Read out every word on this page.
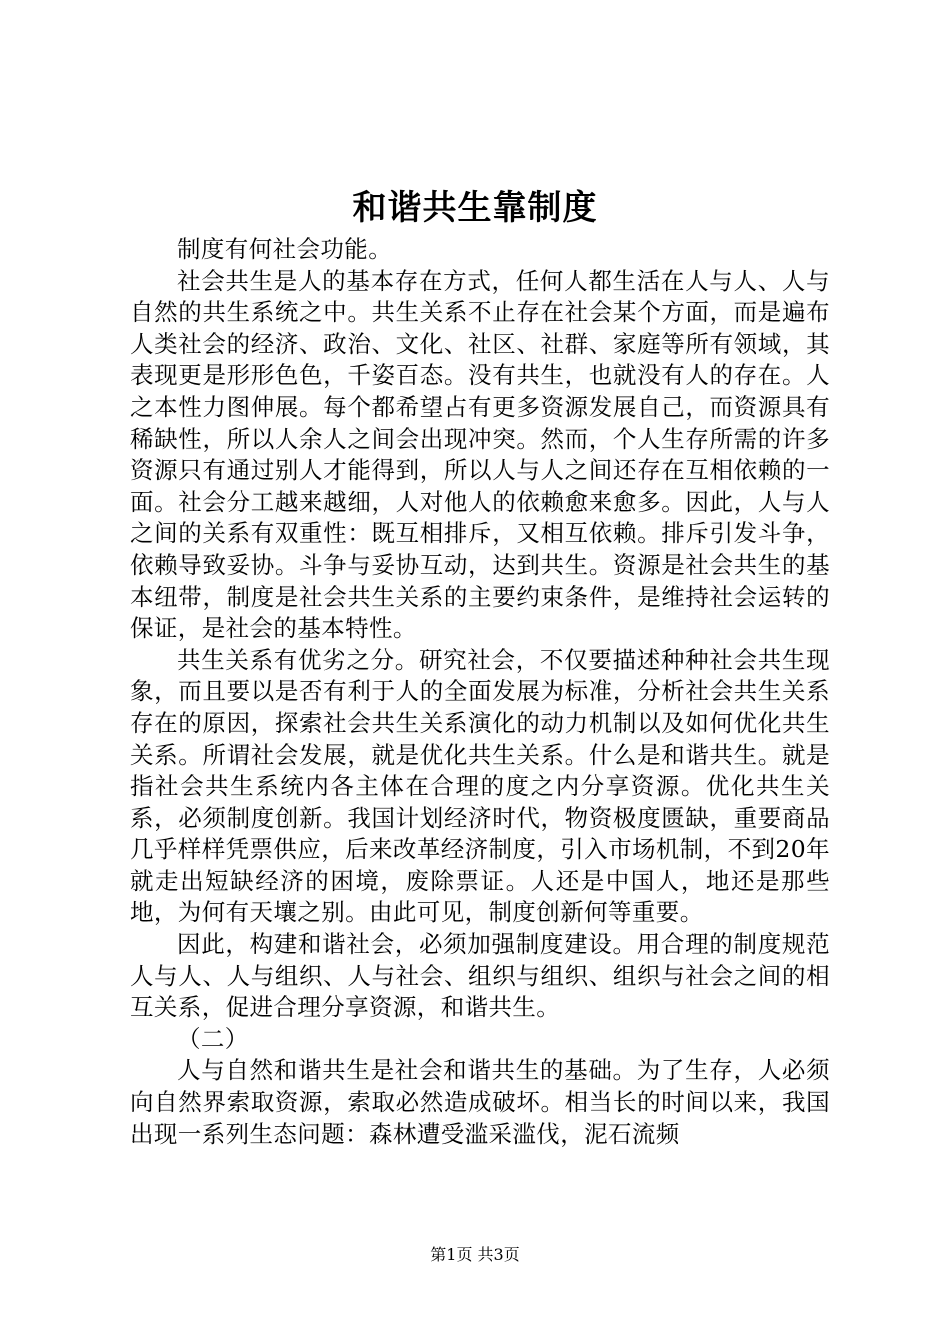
和谐共生靠制度

制度有何社会功能。

社会共生是人的基本存在方式，任何人都生活在人与人、人与自然的共生系统之中。共生关系不止存在社会某个方面，而是遍布人类社会的经济、政治、文化、社区、社群、家庭等所有领域，其表现更是形形色色，千姿百态。没有共生，也就没有人的存在。人之本性力图伸展。每个都希望占有更多资源发展自己，而资源具有稀缺性，所以人余人之间会出现冲突。然而，个人生存所需的许多资源只有通过别人才能得到，所以人与人之间还存在互相依赖的一面。社会分工越来越细，人对他人的依赖愈来愈多。因此，人与人之间的关系有双重性：既互相排斥，又相互依赖。排斥引发斗争，依赖导致妥协。斗争与妥协互动，达到共生。资源是社会共生的基本纽带，制度是社会共生关系的主要约束条件，是维持社会运转的保证，是社会的基本特性。

共生关系有优劣之分。研究社会，不仅要描述种种社会共生现象，而且要以是否有利于人的全面发展为标准，分析社会共生关系存在的原因，探索社会共生关系演化的动力机制以及如何优化共生关系。所谓社会发展，就是优化共生关系。什么是和谐共生。就是指社会共生系统内各主体在合理的度之内分享资源。优化共生关系，必须制度创新。我国计划经济时代，物资极度匮缺，重要商品几乎样样凭票供应，后来改革经济制度，引入市场机制，不到20年就走出短缺经济的困境，废除票证。人还是中国人，地还是那些地，为何有天壤之别。由此可见，制度创新何等重要。

因此，构建和谐社会，必须加强制度建设。用合理的制度规范人与人、人与组织、人与社会、组织与组织、组织与社会之间的相互关系，促进合理分享资源，和谐共生。

（二）

人与自然和谐共生是社会和谐共生的基础。为了生存，人必须向自然界索取资源，索取必然造成破坏。相当长的时间以来，我国出现一系列生态问题：森林遭受滥采滥伐，泥石流频

第1页 共3页
